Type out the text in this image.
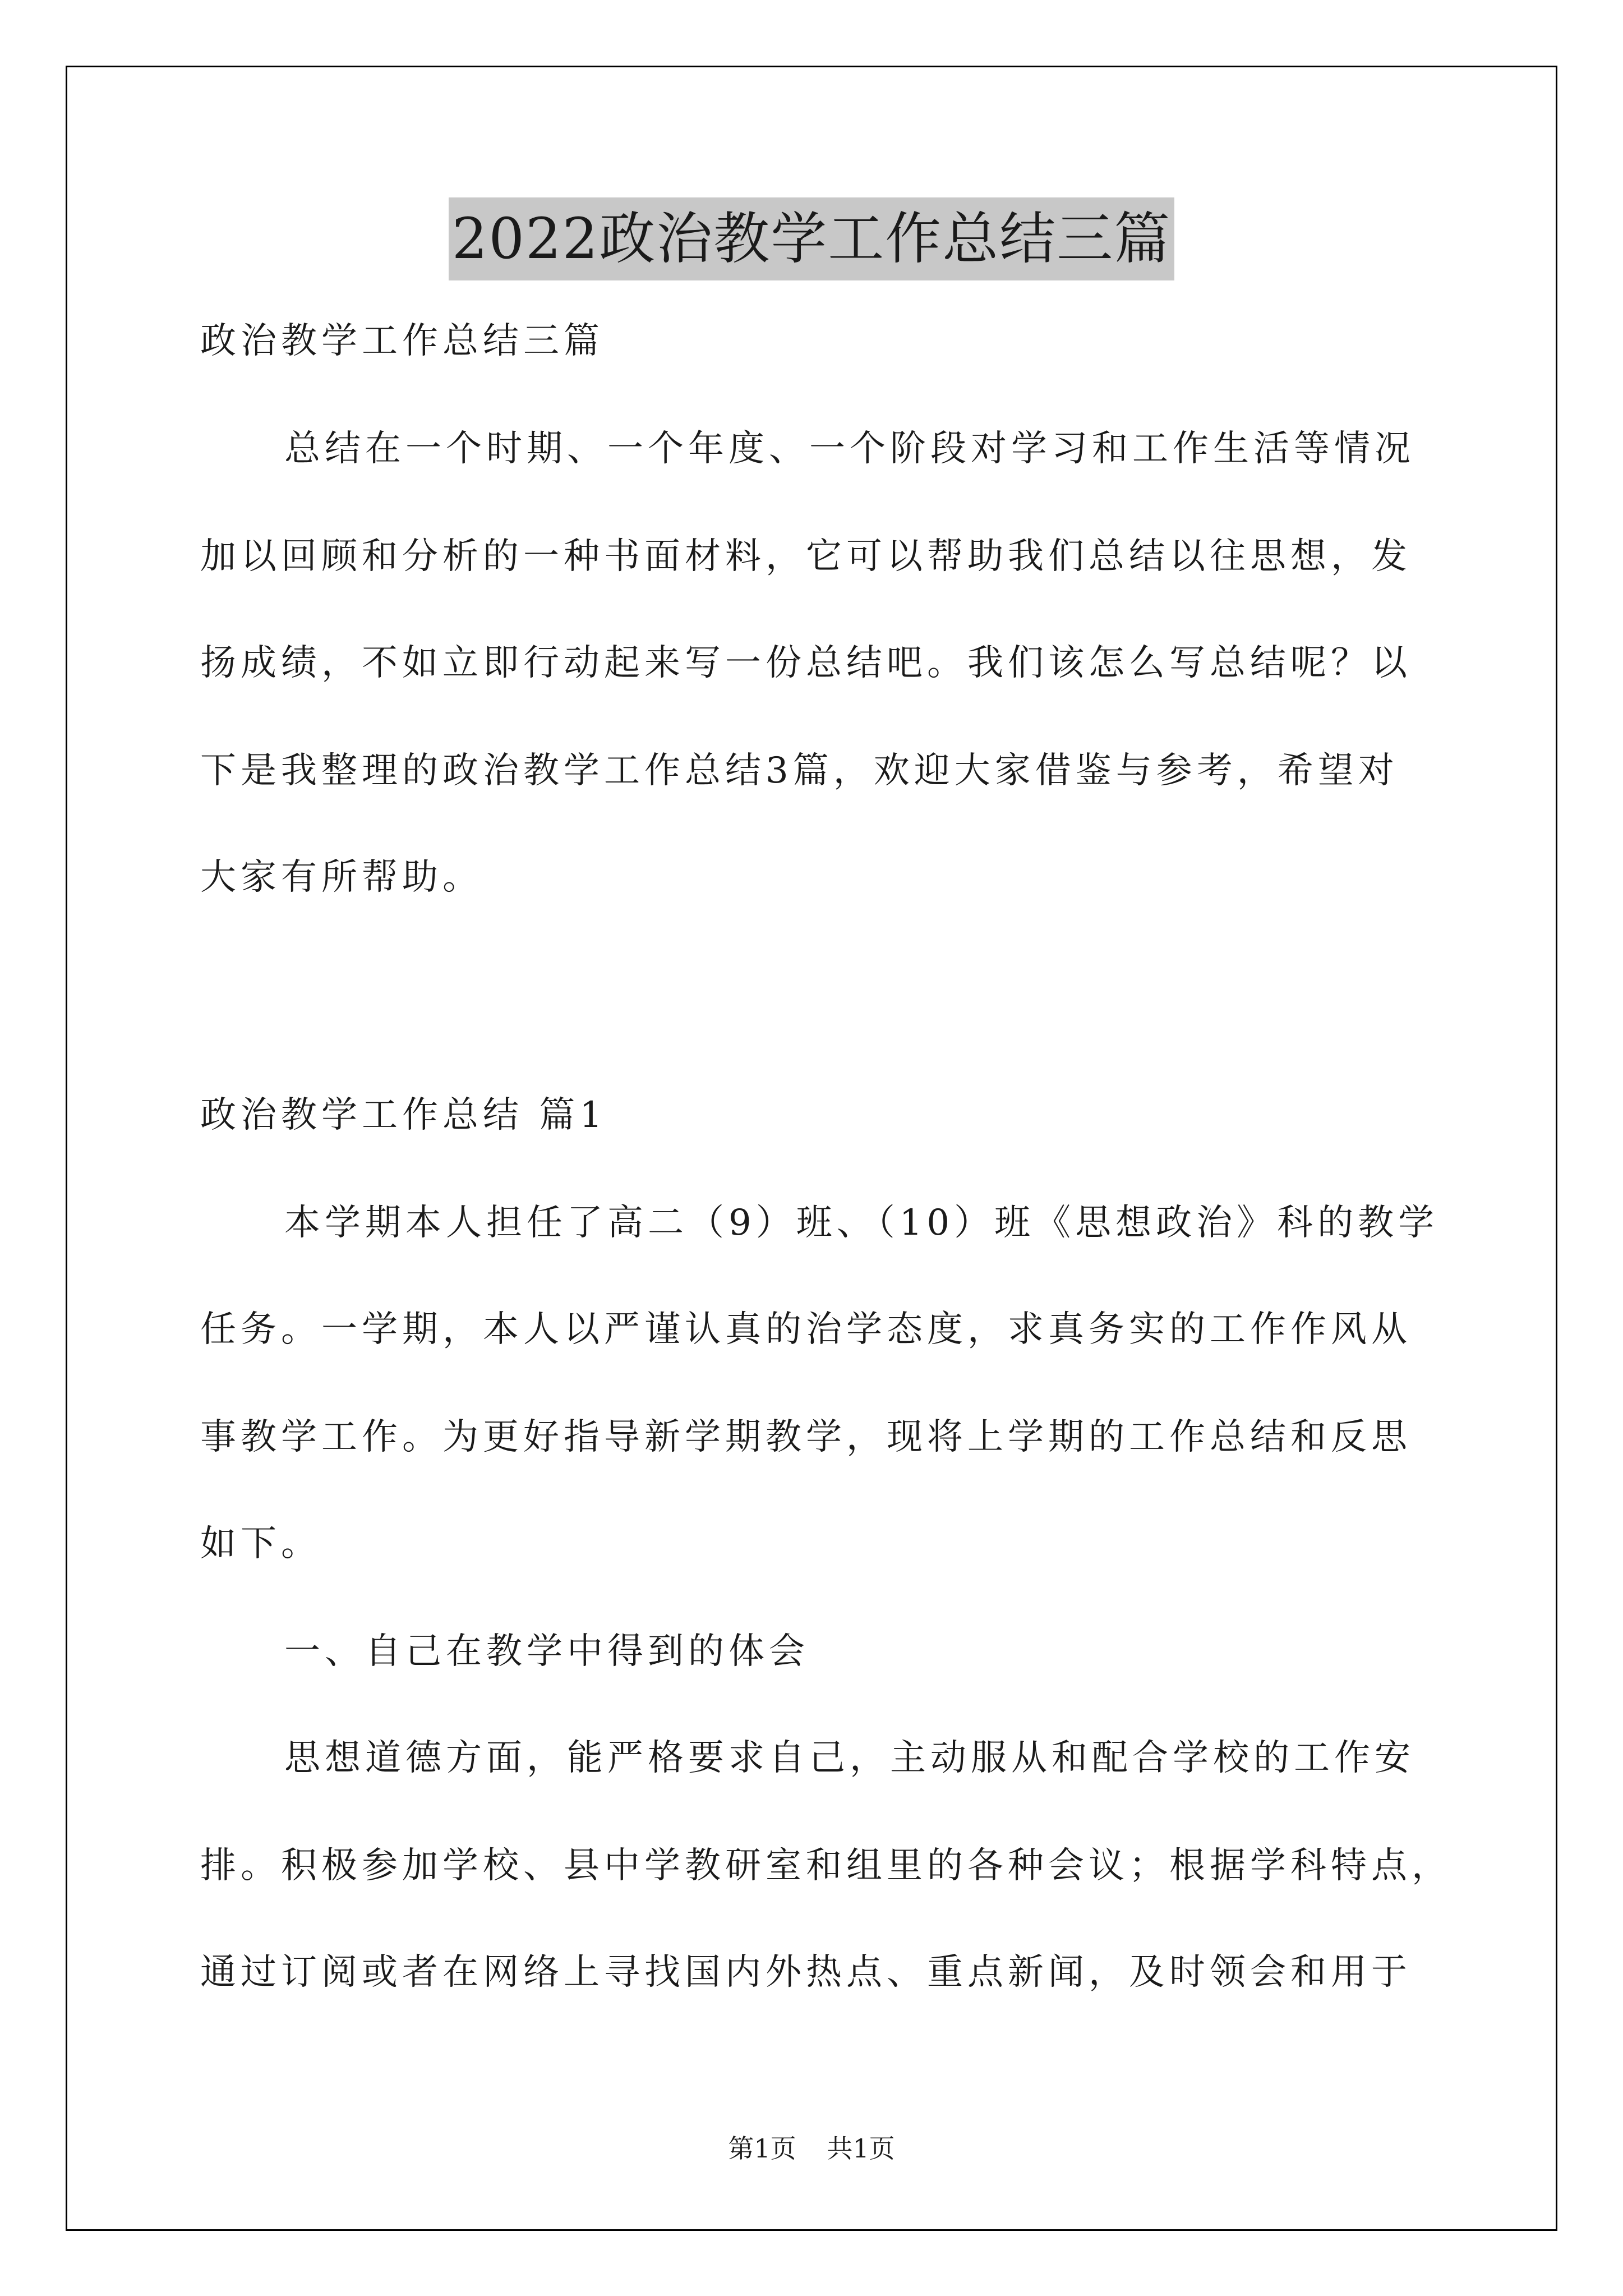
2022政治教学工作总结三篇
政治教学工作总结三篇
总结在一个时期、一个年度、一个阶段对学习和工作生活等情况
加以回顾和分析的一种书面材料，它可以帮助我们总结以往思想，发
扬成绩，不如立即行动起来写一份总结吧。我们该怎么写总结呢？以
下是我整理的政治教学工作总结3篇，欢迎大家借鉴与参考，希望对
大家有所帮助。
政治教学工作总结 篇1
本学期本人担任了高二（9）班、（10）班《思想政治》科的教学
任务。一学期，本人以严谨认真的治学态度，求真务实的工作作风从
事教学工作。为更好指导新学期教学，现将上学期的工作总结和反思
如下。
一、自己在教学中得到的体会
思想道德方面，能严格要求自己，主动服从和配合学校的工作安
排。积极参加学校、县中学教研室和组里的各种会议；根据学科特点，
通过订阅或者在网络上寻找国内外热点、重点新闻，及时领会和用于
第1页 共1页
